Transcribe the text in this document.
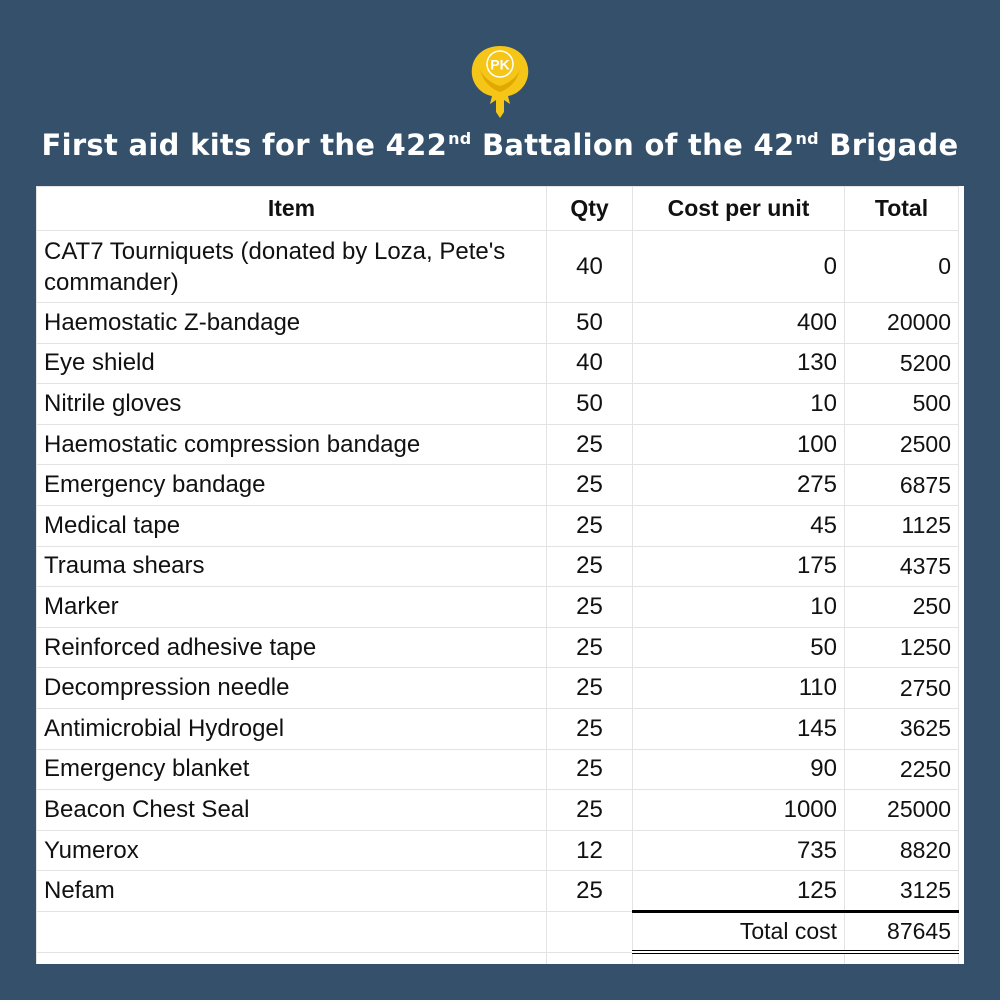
PK
First aid kits for the 422nd Battalion of the 42nd Brigade
Item	Qty	Cost per unit	Total
CAT7 Tourniquets (donated by Loza, Pete's commander)	40	0	0
Haemostatic Z-bandage	50	400	20000
Eye shield	40	130	5200
Nitrile gloves	50	10	500
Haemostatic compression bandage	25	100	2500
Emergency bandage	25	275	6875
Medical tape	25	45	1125
Trauma shears	25	175	4375
Marker	25	10	250
Reinforced adhesive tape	25	50	1250
Decompression needle	25	110	2750
Antimicrobial Hydrogel	25	145	3625
Emergency blanket	25	90	2250
Beacon Chest Seal	25	1000	25000
Yumerox	12	735	8820
Nefam	25	125	3125
		Total cost	87645
